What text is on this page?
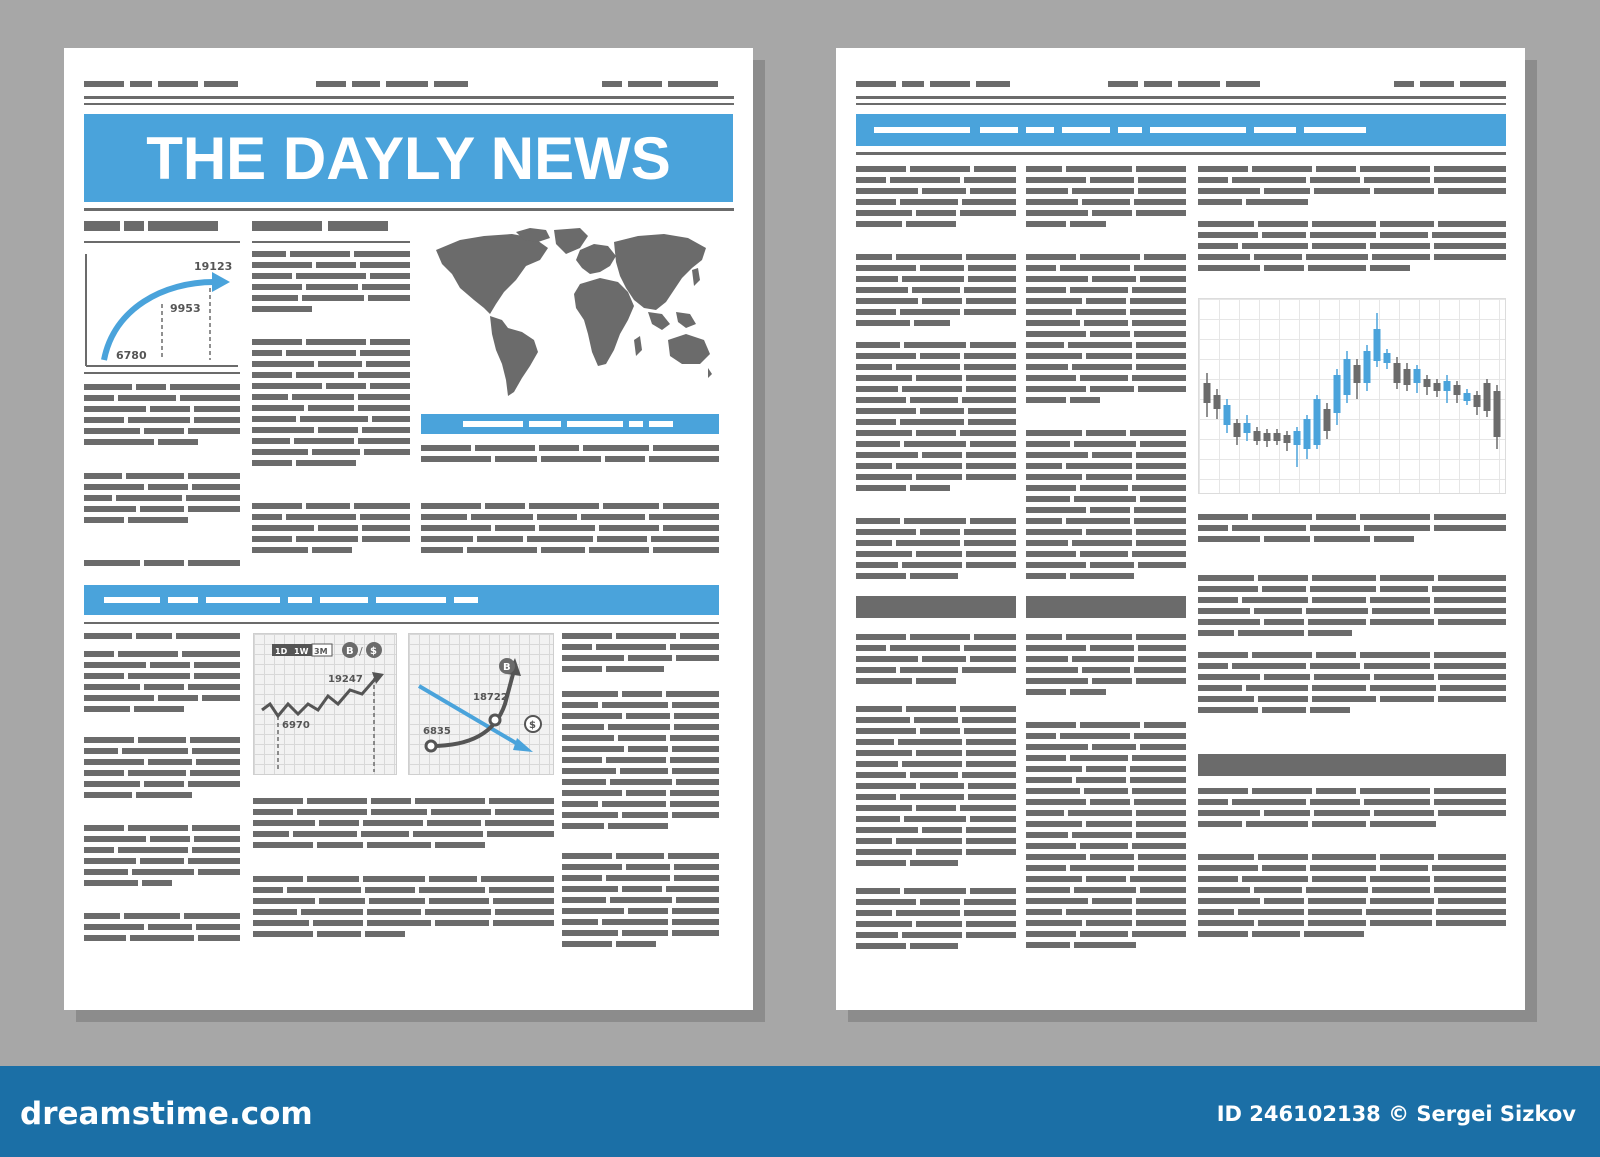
THE DAYLY NEWS
19123
9953
6780
1D 1W 3M B / $
19247
6970
B
$
18722
6835
dreamstime.com	ID 246102138 © Sergei Sizkov
